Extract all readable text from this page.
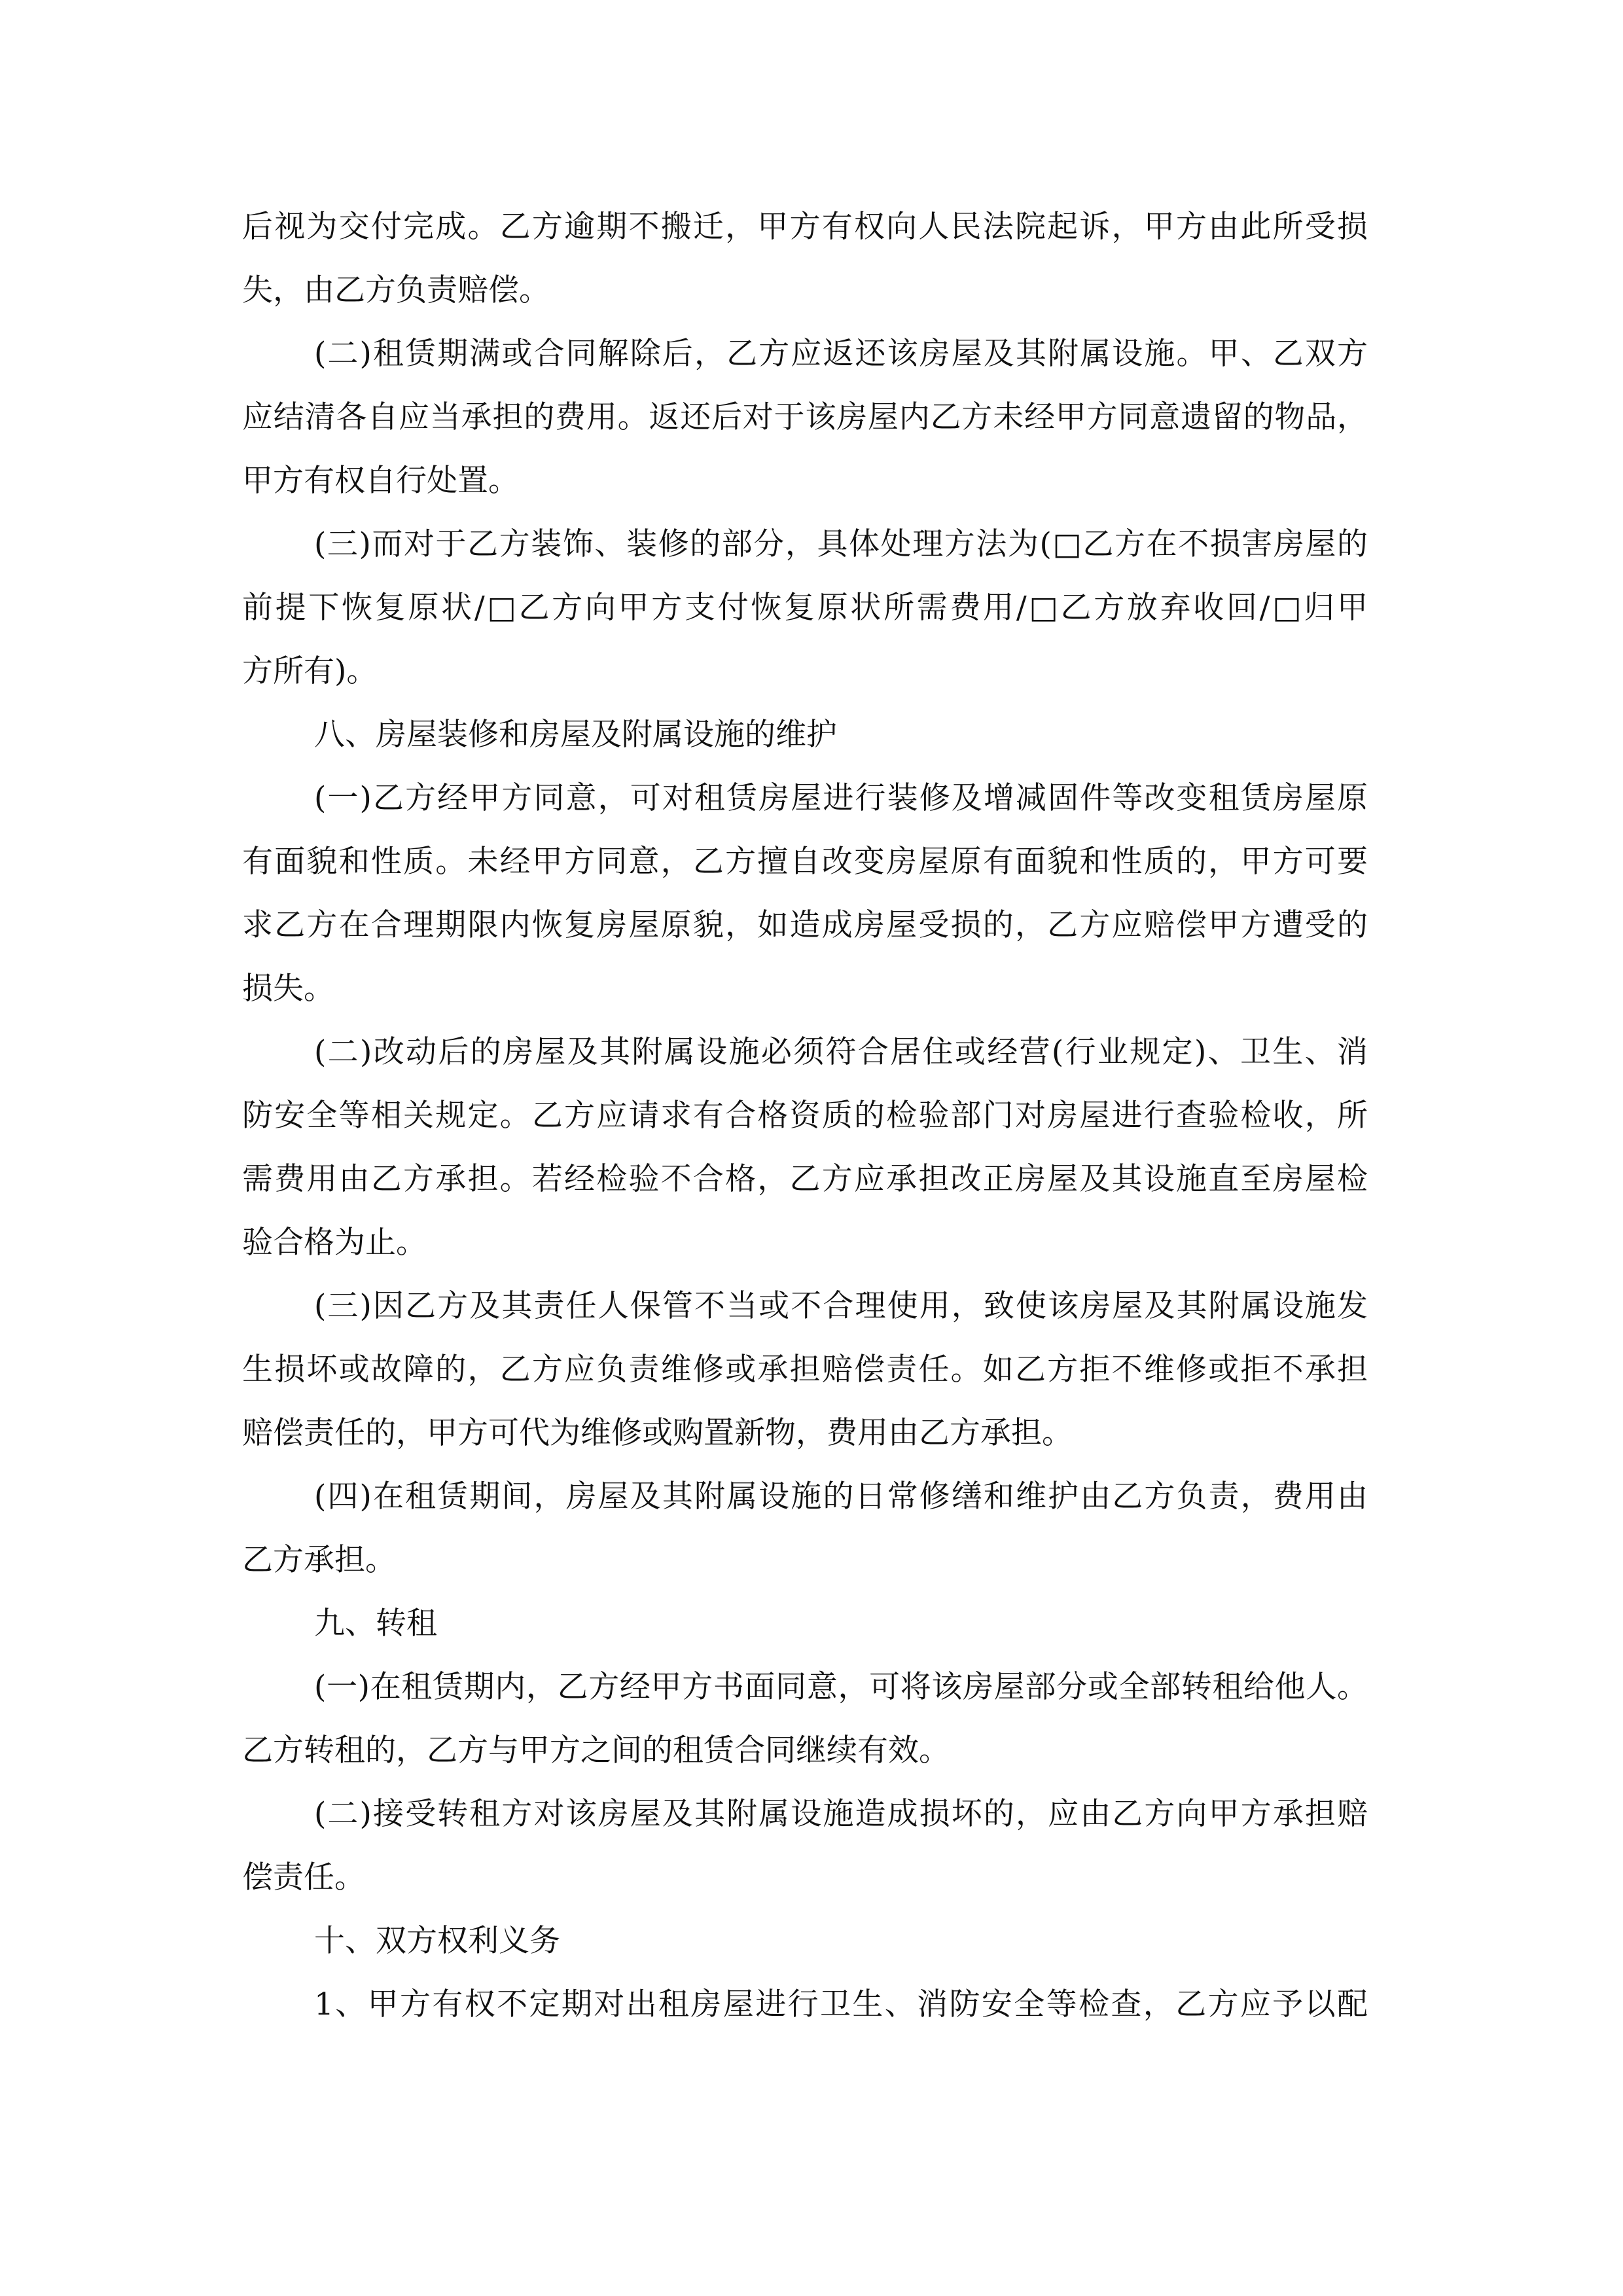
后视为交付完成。乙方逾期不搬迁，甲方有权向人民法院起诉，甲方由此所受损
失，由乙方负责赔偿。
(二)租赁期满或合同解除后，乙方应返还该房屋及其附属设施。甲、乙双方
应结清各自应当承担的费用。返还后对于该房屋内乙方未经甲方同意遗留的物品，
甲方有权自行处置。
(三)而对于乙方装饰、装修的部分，具体处理方法为(□乙方在不损害房屋的
前提下恢复原状/□乙方向甲方支付恢复原状所需费用/□乙方放弃收回/□归甲
方所有)。
八、房屋装修和房屋及附属设施的维护
(一)乙方经甲方同意，可对租赁房屋进行装修及增减固件等改变租赁房屋原
有面貌和性质。未经甲方同意，乙方擅自改变房屋原有面貌和性质的，甲方可要
求乙方在合理期限内恢复房屋原貌，如造成房屋受损的，乙方应赔偿甲方遭受的
损失。
(二)改动后的房屋及其附属设施必须符合居住或经营(行业规定)、卫生、消
防安全等相关规定。乙方应请求有合格资质的检验部门对房屋进行查验检收，所
需费用由乙方承担。若经检验不合格，乙方应承担改正房屋及其设施直至房屋检
验合格为止。
(三)因乙方及其责任人保管不当或不合理使用，致使该房屋及其附属设施发
生损坏或故障的，乙方应负责维修或承担赔偿责任。如乙方拒不维修或拒不承担
赔偿责任的，甲方可代为维修或购置新物，费用由乙方承担。
(四)在租赁期间，房屋及其附属设施的日常修缮和维护由乙方负责，费用由
乙方承担。
九、转租
(一)在租赁期内，乙方经甲方书面同意，可将该房屋部分或全部转租给他人。
乙方转租的，乙方与甲方之间的租赁合同继续有效。
(二)接受转租方对该房屋及其附属设施造成损坏的，应由乙方向甲方承担赔
偿责任。
十、双方权利义务
1、甲方有权不定期对出租房屋进行卫生、消防安全等检查，乙方应予以配
